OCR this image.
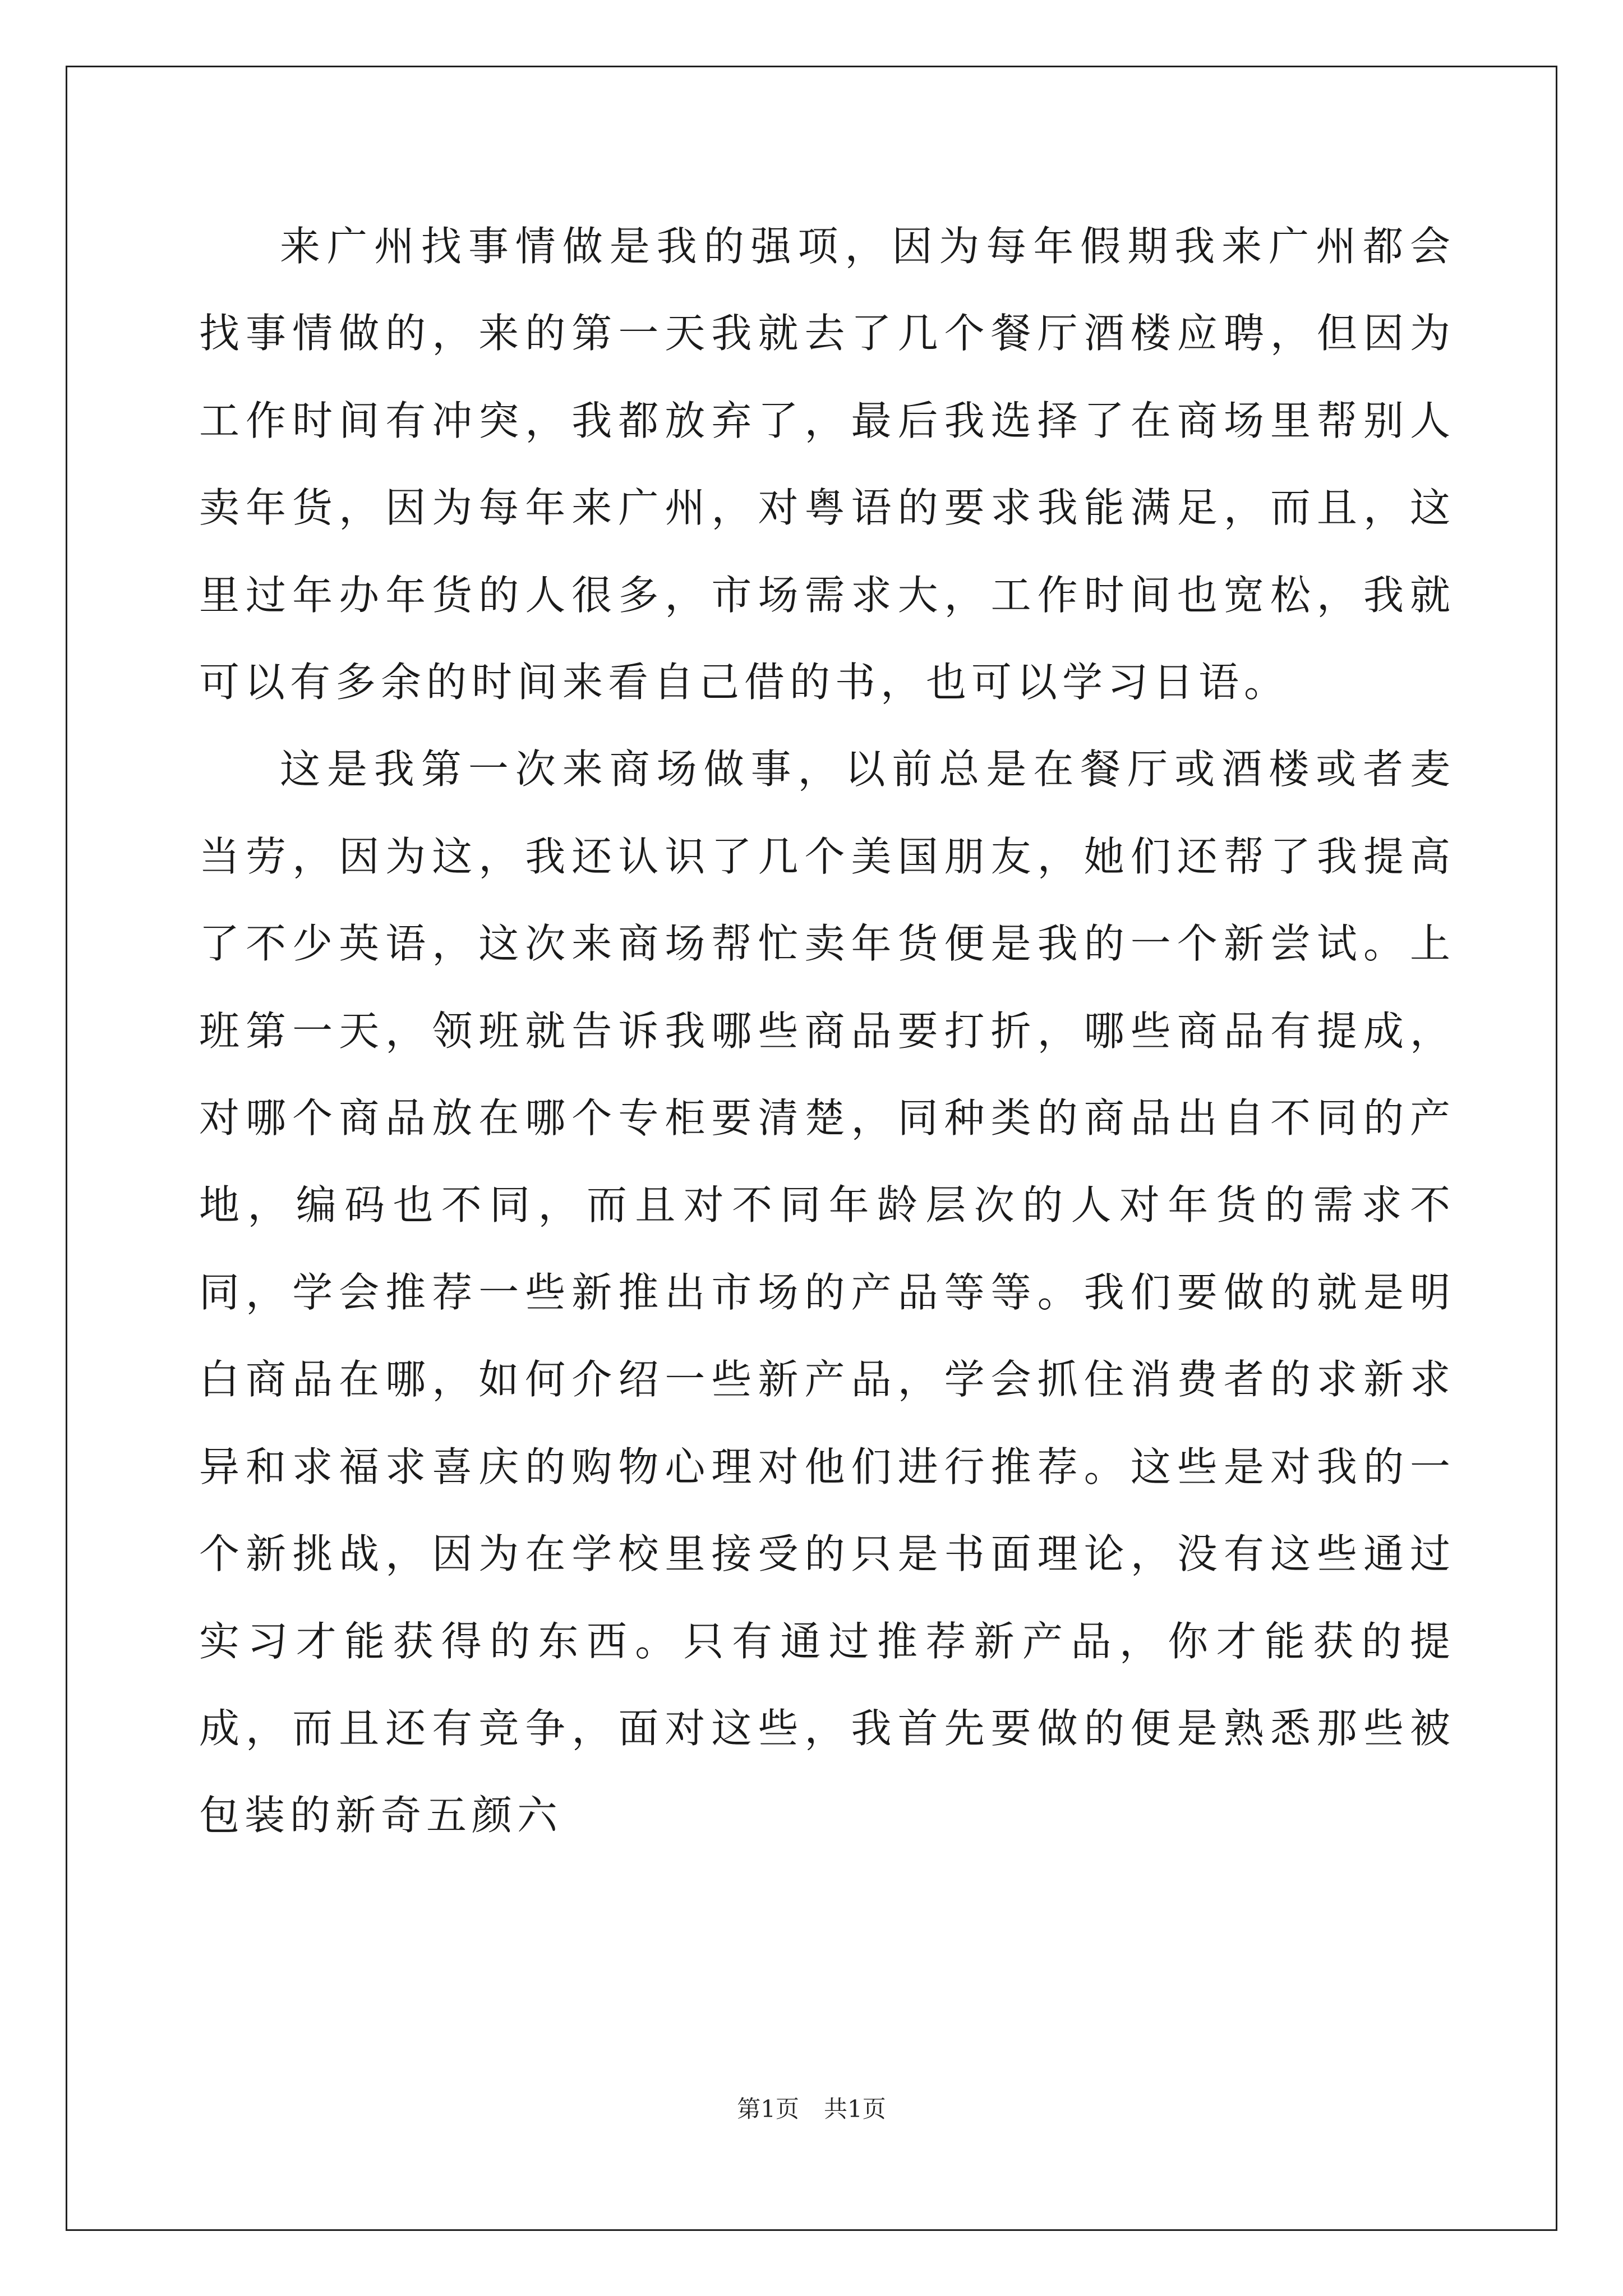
来广州找事情做是我的强项，因为每年假期我来广州都会找事情做的，来的第一天我就去了几个餐厅酒楼应聘，但因为工作时间有冲突，我都放弃了，最后我选择了在商场里帮别人卖年货，因为每年来广州，对粤语的要求我能满足，而且，这里过年办年货的人很多，市场需求大，工作时间也宽松，我就可以有多余的时间来看自己借的书，也可以学习日语。

这是我第一次来商场做事，以前总是在餐厅或酒楼或者麦当劳，因为这，我还认识了几个美国朋友，她们还帮了我提高了不少英语，这次来商场帮忙卖年货便是我的一个新尝试。上班第一天，领班就告诉我哪些商品要打折，哪些商品有提成，对哪个商品放在哪个专柜要清楚，同种类的商品出自不同的产地，编码也不同，而且对不同年龄层次的人对年货的需求不同，学会推荐一些新推出市场的产品等等。我们要做的就是明白商品在哪，如何介绍一些新产品，学会抓住消费者的求新求异和求福求喜庆的购物心理对他们进行推荐。这些是对我的一个新挑战，因为在学校里接受的只是书面理论，没有这些通过实习才能获得的东西。只有通过推荐新产品，你才能获的提成，而且还有竞争，面对这些，我首先要做的便是熟悉那些被包装的新奇五颜六

第1页 共1页
